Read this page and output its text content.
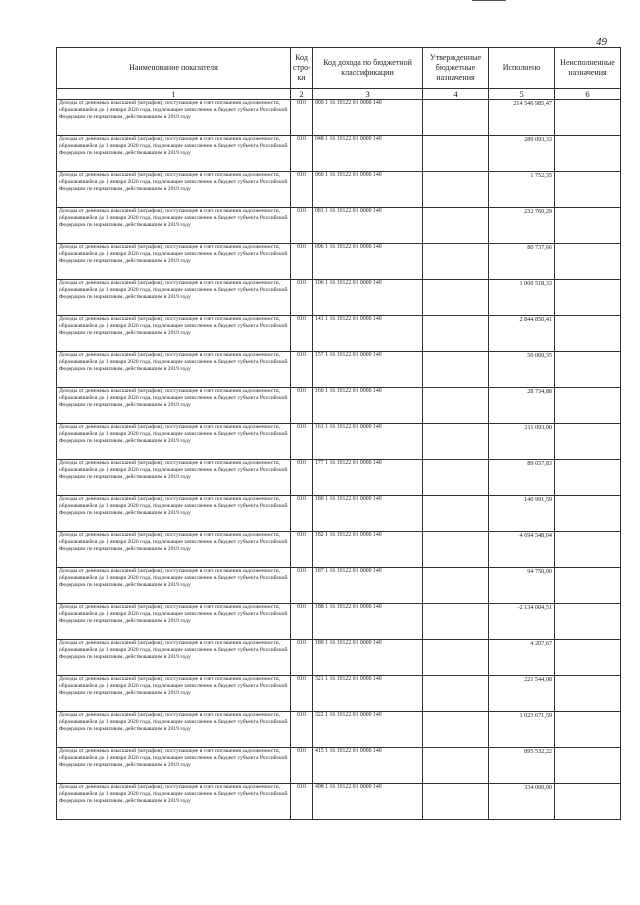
49
Наименование показателя	Код стро-ки	Код дохода по бюджетной классификации	Утвержденные бюджетные назначения	Исполнено	Неисполненные назначения
1	2	3	4	5	6
Доходы от денежных взысканий (штрафов), поступающие в счет погашения задолженности, образовавшейся до 1 января 2020 года, подлежащие зачислению в бюджет субъекта Российской Федерации по нормативам, действовавшим в 2019 году	010	000 1 16 10122 01 0000 140		214 546 985,47	
Доходы от денежных взысканий (штрафов), поступающие в счет погашения задолженности, образовавшейся до 1 января 2020 года, подлежащие зачислению в бюджет субъекта Российской Федерации по нормативам, действовавшим в 2019 году	010	048 1 16 10122 01 0000 140		289 093,33	
Доходы от денежных взысканий (штрафов), поступающие в счет погашения задолженности, образовавшейся до 1 января 2020 года, подлежащие зачислению в бюджет субъекта Российской Федерации по нормативам, действовавшим в 2019 году	010	060 1 16 10122 01 0000 140		1 752,35	
Доходы от денежных взысканий (штрафов), поступающие в счет погашения задолженности, образовавшейся до 1 января 2020 года, подлежащие зачислению в бюджет субъекта Российской Федерации по нормативам, действовавшим в 2019 году	010	081 1 16 10122 01 0000 140		232 760,29	
Доходы от денежных взысканий (штрафов), поступающие в счет погашения задолженности, образовавшейся до 1 января 2020 года, подлежащие зачислению в бюджет субъекта Российской Федерации по нормативам, действовавшим в 2019 году	010	096 1 16 10122 01 0000 140		80 737,66	
Доходы от денежных взысканий (штрафов), поступающие в счет погашения задолженности, образовавшейся до 1 января 2020 года, подлежащие зачислению в бюджет субъекта Российской Федерации по нормативам, действовавшим в 2019 году	010	106 1 16 10122 01 0000 140		1 000 518,33	
Доходы от денежных взысканий (штрафов), поступающие в счет погашения задолженности, образовавшейся до 1 января 2020 года, подлежащие зачислению в бюджет субъекта Российской Федерации по нормативам, действовавшим в 2019 году	010	141 1 16 10122 01 0000 140		2 844 850,41	
Доходы от денежных взысканий (штрафов), поступающие в счет погашения задолженности, образовавшейся до 1 января 2020 года, подлежащие зачислению в бюджет субъекта Российской Федерации по нормативам, действовавшим в 2019 году	010	157 1 16 10122 01 0000 140		50 060,35	
Доходы от денежных взысканий (штрафов), поступающие в счет погашения задолженности, образовавшейся до 1 января 2020 года, подлежащие зачислению в бюджет субъекта Российской Федерации по нормативам, действовавшим в 2019 году	010	160 1 16 10122 01 0000 140		28 734,88	
Доходы от денежных взысканий (штрафов), поступающие в счет погашения задолженности, образовавшейся до 1 января 2020 года, подлежащие зачислению в бюджет субъекта Российской Федерации по нормативам, действовавшим в 2019 году	010	161 1 16 10122 01 0000 140		211 093,00	
Доходы от денежных взысканий (штрафов), поступающие в счет погашения задолженности, образовавшейся до 1 января 2020 года, подлежащие зачислению в бюджет субъекта Российской Федерации по нормативам, действовавшим в 2019 году	010	177 1 16 10122 01 0000 140		89 657,83	
Доходы от денежных взысканий (штрафов), поступающие в счет погашения задолженности, образовавшейся до 1 января 2020 года, подлежащие зачислению в бюджет субъекта Российской Федерации по нормативам, действовавшим в 2019 году	010	180 1 16 10122 01 0000 140		140 991,59	
Доходы от денежных взысканий (штрафов), поступающие в счет погашения задолженности, образовавшейся до 1 января 2020 года, подлежащие зачислению в бюджет субъекта Российской Федерации по нормативам, действовавшим в 2019 году	010	182 1 16 10122 01 0000 140		4 694 548,04	
Доходы от денежных взысканий (штрафов), поступающие в счет погашения задолженности, образовавшейся до 1 января 2020 года, подлежащие зачислению в бюджет субъекта Российской Федерации по нормативам, действовавшим в 2019 году	010	187 1 16 10122 01 0000 140		94 750,00	
Доходы от денежных взысканий (штрафов), поступающие в счет погашения задолженности, образовавшейся до 1 января 2020 года, подлежащие зачислению в бюджет субъекта Российской Федерации по нормативам, действовавшим в 2019 году	010	188 1 16 10122 01 0000 140		-2 134 004,51	
Доходы от денежных взысканий (штрафов), поступающие в счет погашения задолженности, образовавшейся до 1 января 2020 года, подлежащие зачислению в бюджет субъекта Российской Федерации по нормативам, действовавшим в 2019 году	010	189 1 16 10122 01 0000 140		4 207,67	
Доходы от денежных взысканий (штрафов), поступающие в счет погашения задолженности, образовавшейся до 1 января 2020 года, подлежащие зачислению в бюджет субъекта Российской Федерации по нормативам, действовавшим в 2019 году	010	321 1 16 10122 01 0000 140		221 544,08	
Доходы от денежных взысканий (штрафов), поступающие в счет погашения задолженности, образовавшейся до 1 января 2020 года, подлежащие зачислению в бюджет субъекта Российской Федерации по нормативам, действовавшим в 2019 году	010	322 1 16 10122 01 0000 140		1 023 671,59	
Доходы от денежных взысканий (штрафов), поступающие в счет погашения задолженности, образовавшейся до 1 января 2020 года, подлежащие зачислению в бюджет субъекта Российской Федерации по нормативам, действовавшим в 2019 году	010	415 1 16 10122 01 0000 140		895 532,22	
Доходы от денежных взысканий (штрафов), поступающие в счет погашения задолженности, образовавшейся до 1 января 2020 года, подлежащие зачислению в бюджет субъекта Российской Федерации по нормативам, действовавшим в 2019 году	010	498 1 16 10122 01 0000 140		334 000,00	
